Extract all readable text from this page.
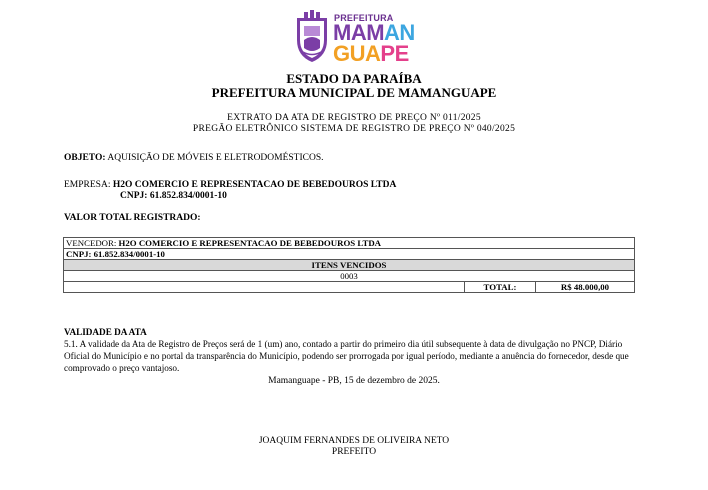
PREFEITURA
MAMAN
GUAPE
ESTADO DA PARAÍBA
PREFEITURA MUNICIPAL DE MAMANGUAPE
EXTRATO DA ATA DE REGISTRO DE PREÇO Nº 011/2025
PREGÃO ELETRÔNICO SISTEMA DE REGISTRO DE PREÇO Nº 040/2025
OBJETO: AQUISIÇÃO DE MÓVEIS E ELETRODOMÉSTICOS.
EMPRESA: H2O COMERCIO E REPRESENTACAO DE BEBEDOUROS LTDA
CNPJ: 61.852.834/0001-10
VALOR TOTAL REGISTRADO:
VENCEDOR: H2O COMERCIO E REPRESENTACAO DE BEBEDOUROS LTDA
CNPJ: 61.852.834/0001-10
ITENS VENCIDOS
0003
	TOTAL:	R$ 48.000,00
VALIDADE DA ATA
5.1. A validade da Ata de Registro de Preços será de 1 (um) ano, contado a partir do primeiro dia útil subsequente à data de divulgação no PNCP, Diário Oficial do Município e no portal da transparência do Município, podendo ser prorrogada por igual período, mediante a anuência do fornecedor, desde que comprovado o preço vantajoso.
Mamanguape - PB, 15 de dezembro de 2025.
JOAQUIM FERNANDES DE OLIVEIRA NETO
PREFEITO
